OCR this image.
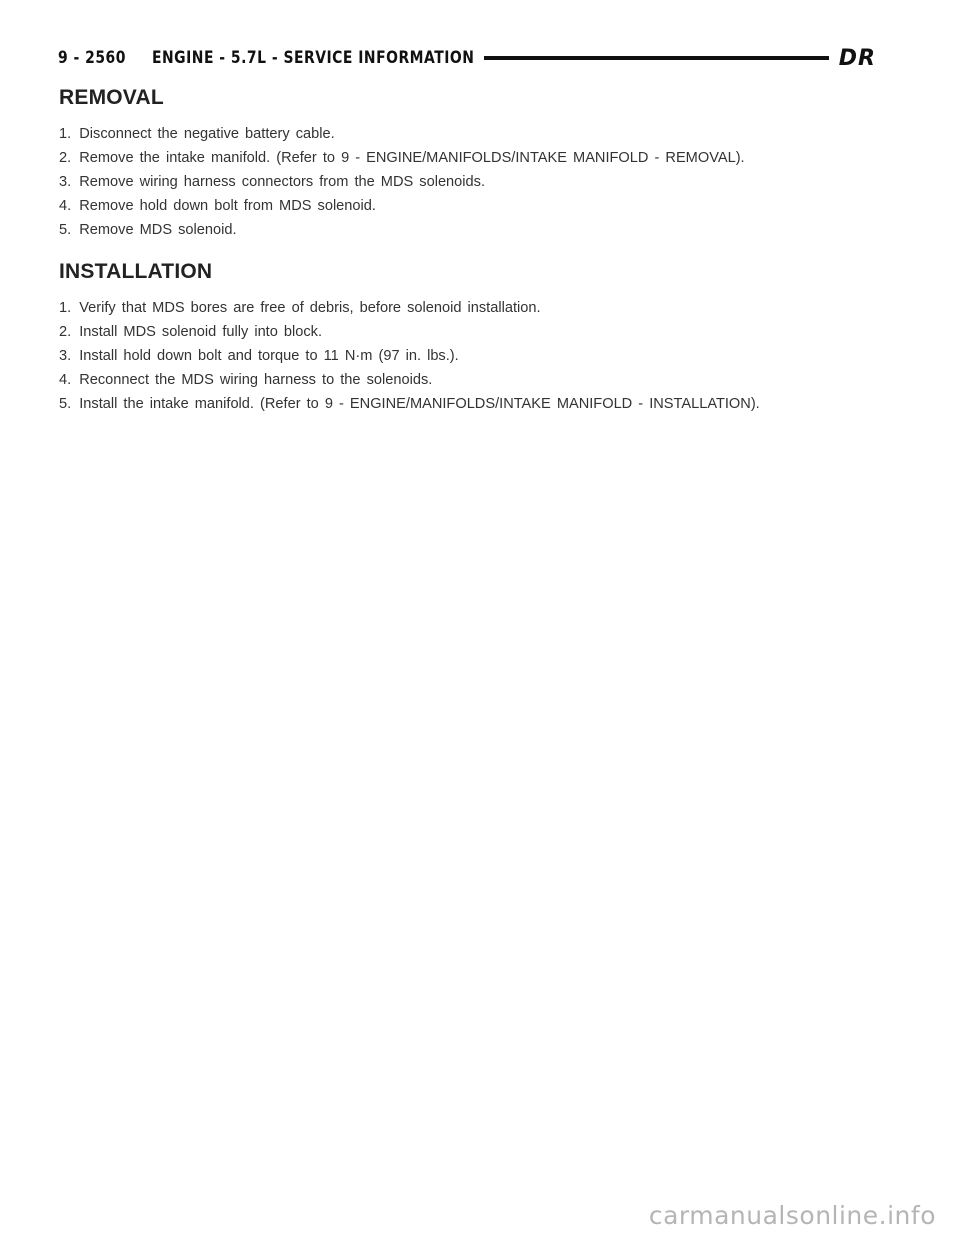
9 - 2560 ENGINE - 5.7L - SERVICE INFORMATION	DR
REMOVAL
1. Disconnect the negative battery cable.
2. Remove the intake manifold. (Refer to 9 - ENGINE/MANIFOLDS/INTAKE MANIFOLD - REMOVAL).
3. Remove wiring harness connectors from the MDS solenoids.
4. Remove hold down bolt from MDS solenoid.
5. Remove MDS solenoid.
INSTALLATION
1. Verify that MDS bores are free of debris, before solenoid installation.
2. Install MDS solenoid fully into block.
3. Install hold down bolt and torque to 11 N·m (97 in. lbs.).
4. Reconnect the MDS wiring harness to the solenoids.
5. Install the intake manifold. (Refer to 9 - ENGINE/MANIFOLDS/INTAKE MANIFOLD - INSTALLATION).
carmanualsonline.info
